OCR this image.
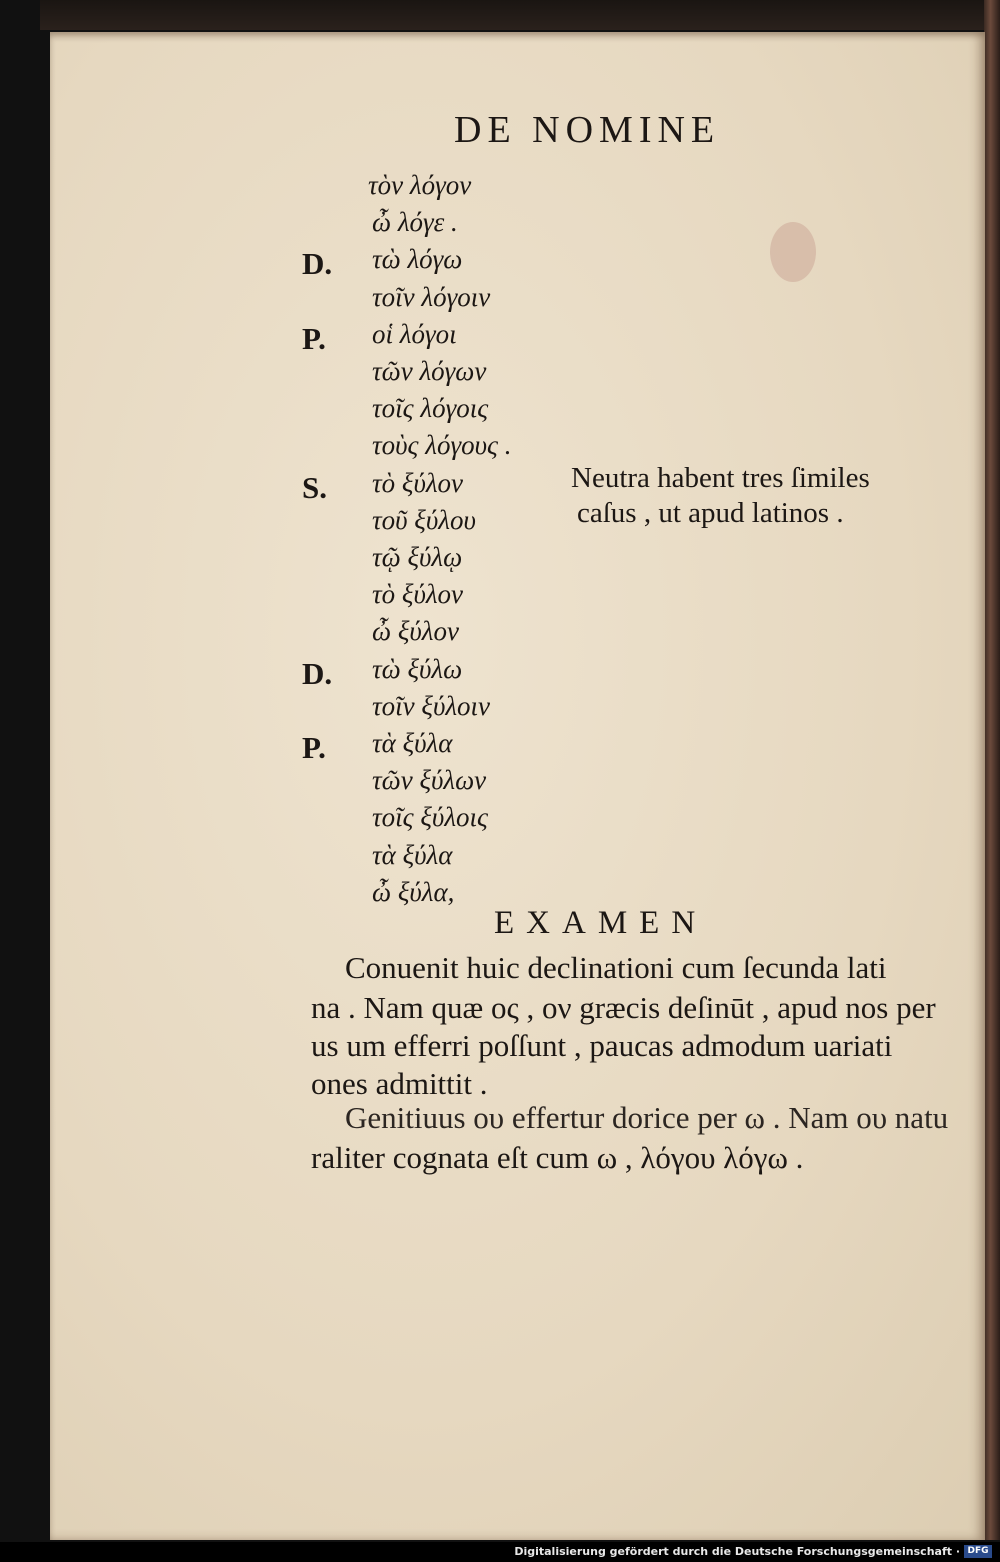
DE NOMINE
τὸν λόγον
ὦ λόγε .
D. τὼ λόγω
τοῖν λόγοιν
P. οἱ λόγοι
τῶν λόγων
τοῖς λόγοις
τοὺς λόγους .
S. τὸ ξύλον
τοῦ ξύλου
τῷ ξύλῳ
τὸ ξύλον
ὦ ξύλον
D. τὼ ξύλω
τοῖν ξύλοιν
P. τὰ ξύλα
τῶν ξύλων
τοῖς ξύλοις
τὰ ξύλα
ὦ ξύλα,
Neutra habent tres ſimiles
caſus , ut apud latinos .
EXAMEN
Conuenit huic declinationi cum ſecunda lati
na . Nam quæ ος , ον græcis deſinūt , apud nos per
us um efferri poſſunt , paucas admodum uariati
ones admittit .
Genitiuus ου effertur dorice per ω . Nam ου natu
raliter cognata eſt cum ω , λόγου λόγω .
Digitalisierung gefördert durch die Deutsche Forschungsgemeinschaft · DFG
